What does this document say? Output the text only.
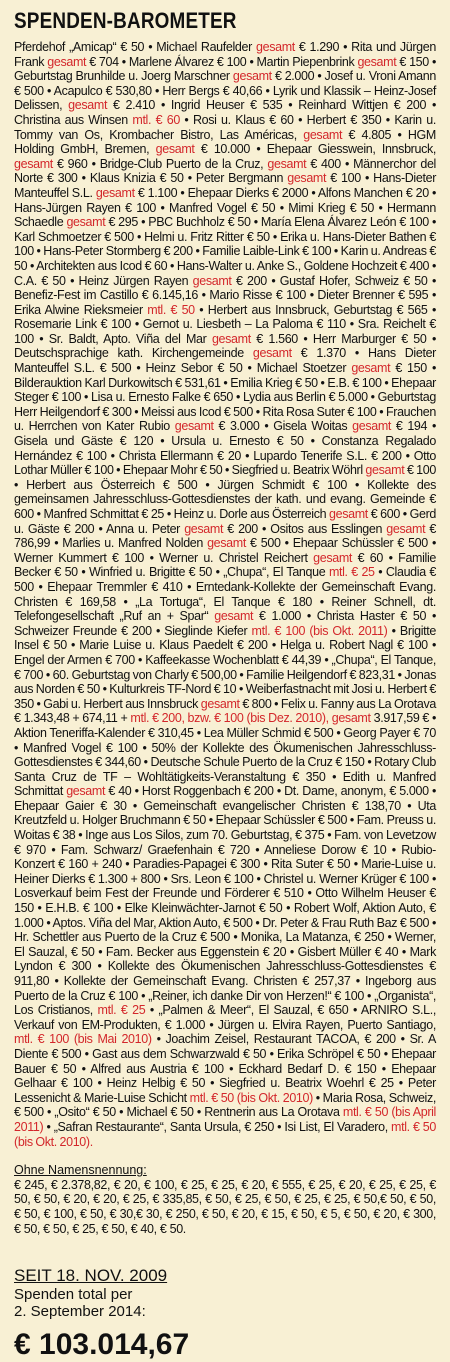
SPENDEN-BAROMETER

Pferdehof „Amicap“ € 50 • Michael Raufelder gesamt € 1.290 • Rita und Jürgen Frank gesamt € 704 • Marlene Álvarez € 100 • Martin Piepenbrink gesamt € 150 • Geburtstag Brunhilde u. Joerg Marschner gesamt € 2.000 • Josef u. Vroni Amann € 500 • Acapulco € 530,80 • Herr Bergs € 40,66 • Lyrik und Klassik – Heinz-Josef Delissen, gesamt € 2.410 • Ingrid Heuser € 535 • Reinhard Wittjen € 200 • Christina aus Winsen mtl. € 60 • Rosi u. Klaus € 60 • Herbert € 350 • Karin u. Tommy van Os, Krombacher Bistro, Las Américas, gesamt € 4.805 • HGM Holding GmbH, Bremen, gesamt € 10.000 • Ehepaar Giesswein, Innsbruck, gesamt € 960 • Bridge-Club Puerto de la Cruz, gesamt € 400 • Männerchor del Norte € 300 • Klaus Knizia € 50 • Peter Bergmann gesamt € 100 • Hans-Dieter Manteuffel S.L. gesamt € 1.100 • Ehepaar Dierks € 2000 • Alfons Manchen € 20 • Hans-Jürgen Rayen € 100 • Manfred Vogel € 50 • Mimi Krieg € 50 • Hermann Schaedle gesamt € 295 • PBC Buchholz € 50 • María Elena Álvarez León € 100 • Karl Schmoetzer € 500 • Helmi u. Fritz Ritter € 50 • Erika u. Hans-Dieter Bathen € 100 • Hans-Peter Stormberg € 200 • Familie Laible-Link € 100 • Karin u. Andreas € 50 • Architekten aus Icod € 60 • Hans-Walter u. Anke S., Goldene Hochzeit € 400 • C.A. € 50 • Heinz Jürgen Rayen gesamt € 200 • Gustaf Hofer, Schweiz € 50 • Benefiz-Fest im Castillo € 6.145,16 • Mario Risse € 100 • Dieter Brenner € 595 • Erika Alwine Rieksmeier mtl. € 50 • Herbert aus Innsbruck, Geburtstag € 565 • Rosemarie Link € 100 • Gernot u. Liesbeth – La Paloma € 110 • Sra. Reichelt € 100 • Sr. Baldt, Apto. Viña del Mar gesamt € 1.560 • Herr Marburger € 50 • Deutschsprachige kath. Kirchengemeinde gesamt € 1.370 • Hans Dieter Manteuffel S.L. € 500 • Heinz Sebor € 50 • Michael Stoetzer gesamt € 150 • Bilderauktion Karl Durkowitsch € 531,61 • Emilia Krieg € 50 • E.B. € 100 • Ehepaar Steger € 100 • Lisa u. Ernesto Falke € 650 • Lydia aus Berlin € 5.000 • Geburtstag Herr Heilgendorf € 300 • Meissi aus Icod € 500 • Rita Rosa Suter € 100 • Frauchen u. Herrchen von Kater Rubio gesamt € 3.000 • Gisela Woitas gesamt € 194 • Gisela und Gäste € 120 • Ursula u. Ernesto € 50 • Constanza Regalado Hernández € 100 • Christa Ellermann € 20 • Lupardo Tenerife S.L. € 200 • Otto Lothar Müller € 100 • Ehepaar Mohr € 50 • Siegfried u. Beatrix Wöhrl gesamt € 100 • Herbert aus Österreich € 500 • Jürgen Schmidt € 100 • Kollekte des gemeinsamen Jahresschluss-Gottesdienstes der kath. und evang. Gemeinde € 600 • Manfred Schmittat € 25 • Heinz u. Dorle aus Österreich gesamt € 600 • Gerd u. Gäste € 200 • Anna u. Peter gesamt € 200 • Ositos aus Esslingen gesamt € 786,99 • Marlies u. Manfred Nolden gesamt € 500 • Ehepaar Schüssler € 500 • Werner Kummert € 100 • Werner u. Christel Reichert gesamt € 60 • Familie Becker € 50 • Winfried u. Brigitte € 50 • „Chupa“, El Tanque mtl. € 25 • Claudia € 500 • Ehepaar Tremmler € 410 • Erntedank-Kollekte der Gemeinschaft Evang. Christen € 169,58 • „La Tortuga“, El Tanque € 180 • Reiner Schnell, dt. Telefongesellschaft „Ruf an + Spar“ gesamt € 1.000 • Christa Haster € 50 • Schweizer Freunde € 200 • Sieglinde Kiefer mtl. € 100 (bis Okt. 2011) • Brigitte Insel € 50 • Marie Luise u. Klaus Paedelt € 200 • Helga u. Robert Nagl € 100 • Engel der Armen € 700 • Kaffeekasse Wochenblatt € 44,39 • „Chupa“, El Tanque, € 700 • 60. Geburtstag von Charly € 500,00 • Familie Heilgendorf € 823,31 • Jonas aus Norden € 50 • Kulturkreis TF-Nord € 10 • Weiberfastnacht mit Josi u. Herbert € 350 • Gabi u. Herbert aus Innsbruck gesamt € 800 • Felix u. Fanny aus La Orotava € 1.343,48 + 674,11 + mtl. € 200, bzw. € 100 (bis Dez. 2010), gesamt 3.917,59 € • Aktion Teneriffa-Kalender € 310,45 • Lea Müller Schmid € 500 • Georg Payer € 70 • Manfred Vogel € 100 • 50% der Kollekte des Ökumenischen Jahresschluss-Gottesdienstes € 344,60 • Deutsche Schule Puerto de la Cruz € 150 • Rotary Club Santa Cruz de TF – Wohltätigkeits-Veranstaltung € 350 • Edith u. Manfred Schmittat gesamt € 40 • Horst Roggenbach € 200 • Dt. Dame, anonym, € 5.000 • Ehepaar Gaier € 30 • Gemeinschaft evangelischer Christen € 138,70 • Uta Kreutzfeld u. Holger Bruchmann € 50 • Ehepaar Schüssler € 500 • Fam. Preuss u. Woitas € 38 • Inge aus Los Silos, zum 70. Geburtstag, € 375 • Fam. von Levetzow € 970 • Fam. Schwarz/ Graefenhain € 720 • Anneliese Dorow € 10 • Rubio-Konzert € 160 + 240 • Paradies-Papagei € 300 • Rita Suter € 50 • Marie-Luise u. Heiner Dierks € 1.300 + 800 • Srs. Leon € 100 • Christel u. Werner Krüger € 100 • Losverkauf beim Fest der Freunde und Förderer € 510 • Otto Wilhelm Heuser € 150 • E.H.B. € 100 • Elke Kleinwächter-Jarnot € 50 • Robert Wolf, Aktion Auto, € 1.000 • Aptos. Viña del Mar, Aktion Auto, € 500 • Dr. Peter & Frau Ruth Baz € 500 • Hr. Schettler aus Puerto de la Cruz € 500 • Monika, La Matanza, € 250 • Werner, El Sauzal, € 50 • Fam. Becker aus Eggenstein € 20 • Gisbert Müller € 40 • Mark Lyndon € 300 • Kollekte des Ökumenischen Jahresschluss-Gottesdienstes € 911,80 • Kollekte der Gemeinschaft Evang. Christen € 257,37 • Ingeborg aus Puerto de la Cruz € 100 • „Reiner, ich danke Dir von Herzen!“ € 100 • „Organista“, Los Cristianos, mtl. € 25 • „Palmen & Meer“, El Sauzal, € 650 • ARNIRO S.L., Verkauf von EM-Produkten, € 1.000 • Jürgen u. Elvira Rayen, Puerto Santiago, mtl. € 100 (bis Mai 2010) • Joachim Zeisel, Restaurant TACOA, € 200 • Sr. A Diente € 500 • Gast aus dem Schwarzwald € 50 • Erika Schröpel € 50 • Ehepaar Bauer € 50 • Alfred aus Austria € 100 • Eckhard Bedarf D. € 150 • Ehepaar Gelhaar € 100 • Heinz Helbig € 50 • Siegfried u. Beatrix Woehrl € 25 • Peter Lessenicht & Marie-Luise Schicht mtl. € 50 (bis Okt. 2010) • Maria Rosa, Schweiz, € 500 • „Osito“ € 50 • Michael € 50 • Rentnerin aus La Orotava mtl. € 50 (bis April 2011) • „Safran Restaurante“, Santa Ursula, € 250 • Isi List, El Varadero, mtl. € 50 (bis Okt. 2010).

Ohne Namensnennung:

€ 245, € 2.378,82, € 20, € 100, € 25, € 25, € 20, € 555, € 25, € 20, € 25, € 25, € 50, € 50, € 20, € 20, € 25, € 335,85, € 50, € 25, € 50, € 25, € 25, € 50,€ 50, € 50, € 50, € 100, € 50, € 30,€ 30, € 250, € 50, € 20, € 15, € 50, € 5, € 50, € 20, € 300, € 50, € 50, € 25, € 50, € 40, € 50.

SEIT 18. NOV. 2009
Spenden total per
2. September 2014:
€ 103.014,67
